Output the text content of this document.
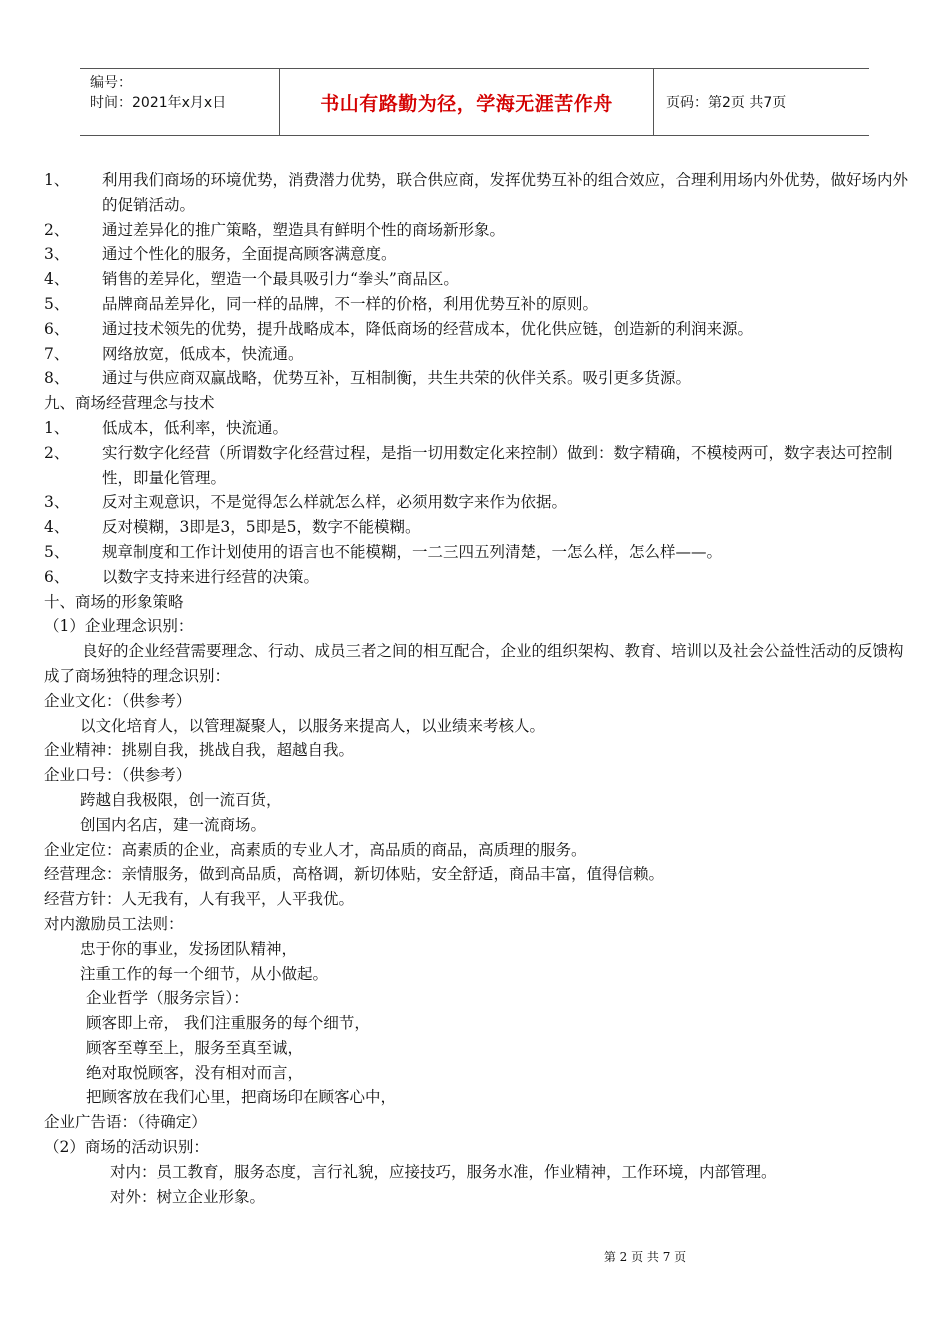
编号：
时间：2021年x月x日	书山有路勤为径，学海无涯苦作舟	页码：第2页 共7页
1、	利用我们商场的环境优势，消费潜力优势，联合供应商，发挥优势互补的组合效应，合理利用场内外优势，做好场内外的促销活动。
2、	通过差异化的推广策略，塑造具有鲜明个性的商场新形象。
3、	通过个性化的服务，全面提高顾客满意度。
4、	销售的差异化，塑造一个最具吸引力“拳头”商品区。
5、	品牌商品差异化，同一样的品牌，不一样的价格，利用优势互补的原则。
6、	通过技术领先的优势，提升战略成本，降低商场的经营成本，优化供应链，创造新的利润来源。
7、	网络放宽，低成本，快流通。
8、	通过与供应商双赢战略，优势互补，互相制衡，共生共荣的伙伴关系。吸引更多货源。
九、商场经营理念与技术
1、	低成本，低利率，快流通。
2、	实行数字化经营（所谓数字化经营过程，是指一切用数定化来控制）做到：数字精确，不模棱两可，数字表达可控制性，即量化管理。
3、	反对主观意识，不是觉得怎么样就怎么样，必须用数字来作为依据。
4、	反对模糊，3即是3，5即是5，数字不能模糊。
5、	规章制度和工作计划使用的语言也不能模糊，一二三四五列清楚，一怎么样，怎么样——。
6、	以数字支持来进行经营的决策。
十、商场的形象策略
（1）企业理念识别：
良好的企业经营需要理念、行动、成员三者之间的相互配合，企业的组织架构、教育、培训以及社会公益性活动的反馈构成了商场独特的理念识别：
企业文化：（供参考）
以文化培育人，以管理凝聚人，以服务来提高人，以业绩来考核人。
企业精神：挑剔自我，挑战自我，超越自我。
企业口号：（供参考）
跨越自我极限，创一流百货，
创国内名店，建一流商场。
企业定位：高素质的企业，高素质的专业人才，高品质的商品，高质理的服务。
经营理念：亲情服务，做到高品质，高格调，新切体贴，安全舒适，商品丰富，值得信赖。
经营方针：人无我有，人有我平，人平我优。
对内激励员工法则：
忠于你的事业，发扬团队精神，
注重工作的每一个细节，从小做起。
企业哲学（服务宗旨）：
顾客即上帝， 我们注重服务的每个细节，
顾客至尊至上，服务至真至诚，
绝对取悦顾客，没有相对而言，
把顾客放在我们心里，把商场印在顾客心中，
企业广告语：（待确定）
（2）商场的活动识别：
对内：员工教育，服务态度，言行礼貌，应接技巧，服务水准，作业精神，工作环境，内部管理。
对外：树立企业形象。
第 2 页 共 7 页
